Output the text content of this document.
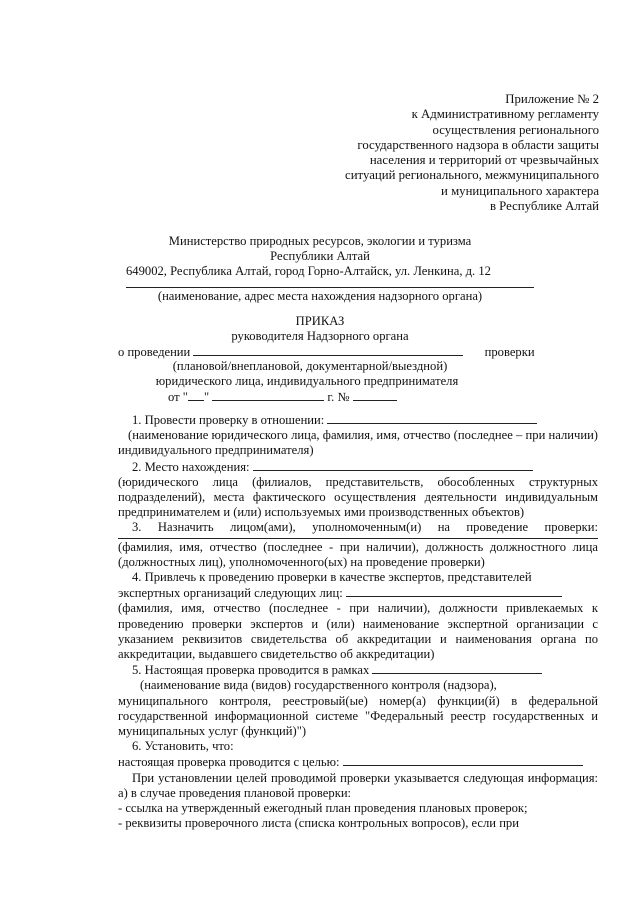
Приложение № 2
к Административному регламенту
осуществления регионального
государственного надзора в области защиты
населения и территорий от чрезвычайных
ситуаций регионального, межмуниципального
и муниципального характера
в Республике Алтай
Министерство природных ресурсов, экологии и туризма
Республики Алтай
649002, Республика Алтай, город Горно-Алтайск, ул. Ленкина, д. 12
(наименование, адрес места нахождения надзорного органа)
ПРИКАЗ
руководителя Надзорного органа
о проведении	проверки
(плановой/внеплановой, документарной/выездной)
юридического лица, индивидуального предпринимателя
от " "	г. №
1. Провести проверку в отношении:
(наименование юридического лица, фамилия, имя, отчество (последнее – при наличии) индивидуального предпринимателя)
2. Место нахождения:
(юридического лица (филиалов, представительств, обособленных структурных подразделений), места фактического осуществления деятельности индивидуальным предпринимателем и (или) используемых ими производственных объектов)
3. Назначить лицом(ами), уполномоченным(и) на проведение проверки:
(фамилия, имя, отчество (последнее - при наличии), должность должностного лица (должностных лиц), уполномоченного(ых) на проведение проверки)
4. Привлечь к проведению проверки в качестве экспертов, представителей
экспертных организаций следующих лиц:
(фамилия, имя, отчество (последнее - при наличии), должности привлекаемых к проведению проверки экспертов и (или) наименование экспертной организации с указанием реквизитов свидетельства об аккредитации и наименования органа по аккредитации, выдавшего свидетельство об аккредитации)
5. Настоящая проверка проводится в рамках
(наименование вида (видов) государственного контроля (надзора),
муниципального контроля, реестровый(ые) номер(а) функции(й) в федеральной государственной информационной системе "Федеральный реестр государственных и муниципальных услуг (функций)")
6. Установить, что:
настоящая проверка проводится с целью:
При установлении целей проводимой проверки указывается следующая информация:
а) в случае проведения плановой проверки:
- ссылка на утвержденный ежегодный план проведения плановых проверок;
- реквизиты проверочного листа (списка контрольных вопросов), если при
